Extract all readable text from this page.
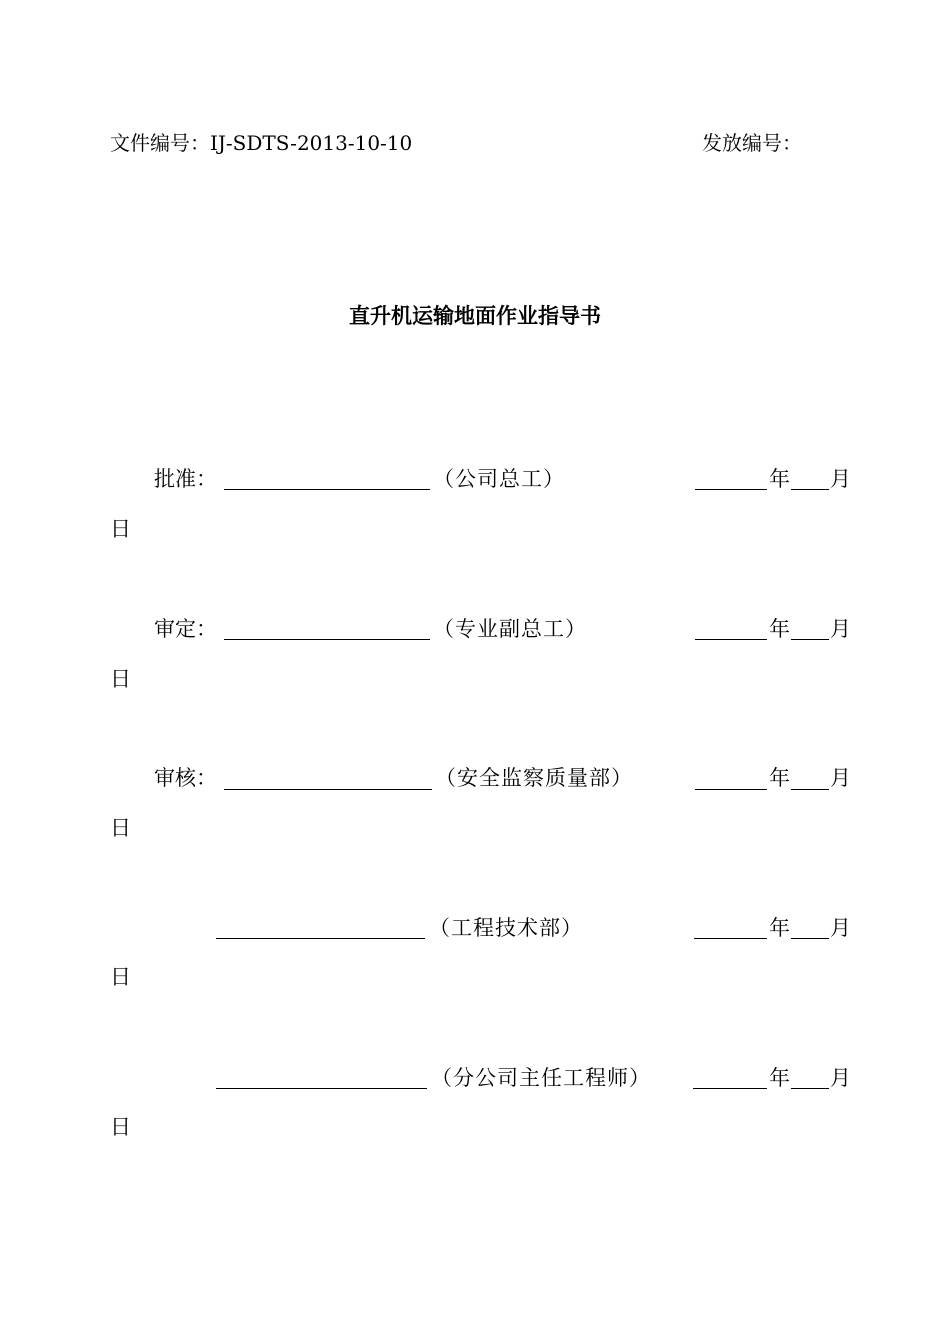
文件编号：IJ-SDTS-2013-10-10	发放编号：
直升机运输地面作业指导书
批准：	（公司总工）	年 月
日
审定：	（专业副总工）	年 月
日
审核：	（安全监察质量部）	年 月
日
（工程技术部）	年 月
日
（分公司主任工程师）	年 月
日
